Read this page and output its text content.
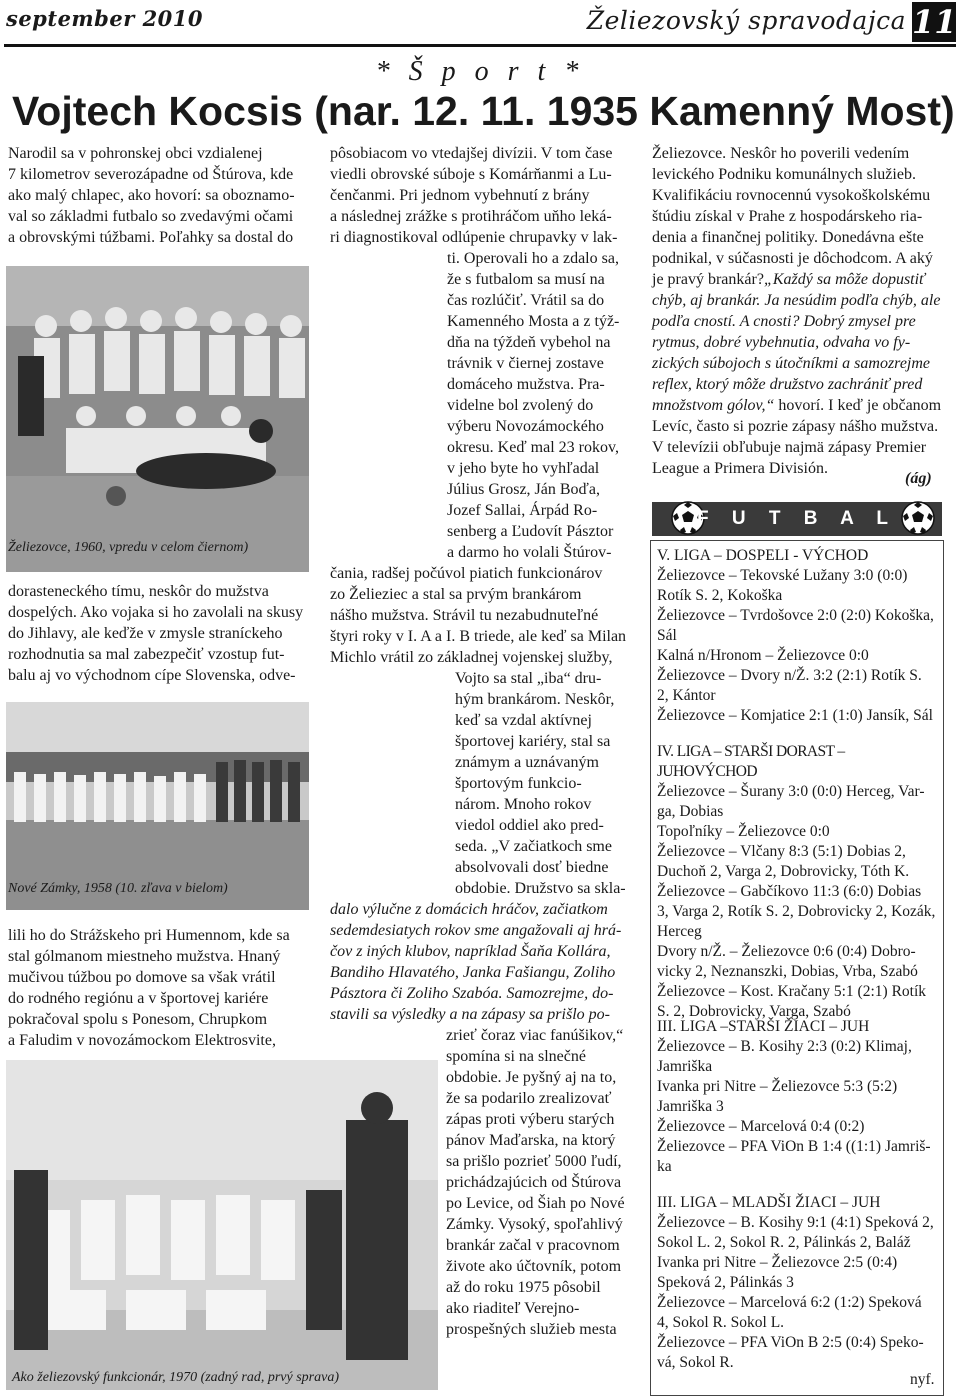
september 2010	Želiezovský spravodajca 11
* Š p o r t *
Vojtech Kocsis (nar. 12. 11. 1935 Kamenný Most)
Narodil sa v pohronskej obci vzdialenej
7 kilometrov severozápadne od Štúrova, kde
ako malý chlapec, ako hovorí: sa oboznamo-
val so základmi futbalo so zvedavými očami
a obrovskými túžbami. Poľahky sa dostal do
Želiezovce, 1960, vpredu v celom čiernom)
dorasteneckého tímu, neskôr do mužstva
dospelých. Ako vojaka si ho zavolali na skusy
do Jihlavy, ale keďže v zmysle straníckeho
rozhodnutia sa mal zabezpečiť vzostup fut-
balu aj vo východnom cípe Slovenska, odve-
Nové Zámky, 1958 (10. zľava v bielom)
lili ho do Strážskeho pri Humennom, kde sa
stal gólmanom miestneho mužstva. Hnaný
mučivou túžbou po domove sa však vrátil
do rodného regiónu a v športovej kariére
pokračoval spolu s Ponesom, Chrupkom
a Faludim v novozámockom Elektrosvite,
Ako želiezovský funkcionár, 1970 (zadný rad, prvý sprava)
pôsobiacom vo vtedajšej divízii. V tom čase
viedli obrovské súboje s Komárňanmi a Lu-
čenčanmi. Pri jednom vybehnutí z brány
a následnej zrážke s protihráčom uňho leká-
ri diagnostikoval odlúpenie chrupavky v lak-
ti. Operovali ho a zdalo sa,
že s futbalom sa musí na
čas rozlúčiť. Vrátil sa do
Kamenného Mosta a z týž-
dňa na týždeň vybehol na
trávnik v čiernej zostave
domáceho mužstva. Pra-
videlne bol zvolený do
výberu Novozámockého
okresu. Keď mal 23 rokov,
v jeho byte ho vyhľadal
Július Grosz, Ján Boďa,
Jozef Sallai, Árpád Ro-
senberg a Ľudovít Pásztor
a darmo ho volali Štúrov-
čania, radšej počúvol piatich funkcionárov
zo Želieziec a stal sa prvým brankárom
nášho mužstva. Strávil tu nezabudnuteľné
štyri roky v I. A a I. B triede, ale keď sa Milan
Michlo vrátil zo základnej vojenskej služby,
Vojto sa stal „iba“ dru-
hým brankárom. Neskôr,
keď sa vzdal aktívnej
športovej kariéry, stal sa
známym a uznávaným
športovým funkcio-
nárom. Mnoho rokov
viedol oddiel ako pred-
seda. „V začiatkoch sme
absolvovali dosť biedne
obdobie. Družstvo sa skla-
dalo výlučne z domácich hráčov, začiatkom
sedemdesiatych rokov sme angažovali aj hrá-
čov z iných klubov, napríklad Šaňa Kollára,
Bandiho Hlavatého, Janka Fašiangu, Zoliho
Pásztora či Zoliho Szabóa. Samozrejme, do-
stavili sa výsledky a na zápasy sa prišlo po-
zrieť čoraz viac fanúšikov,“
spomína si na slnečné
obdobie. Je pyšný aj na to,
že sa podarilo zrealizovať
zápas proti výberu starých
pánov Maďarska, na ktorý
sa prišlo pozrieť 5000 ľudí,
prichádzajúcich od Štúrova
po Levice, od Šiah po Nové
Zámky. Vysoký, spoľahlivý
brankár začal v pracovnom
živote ako účtovník, potom
až do roku 1975 pôsobil
ako riaditeľ Verejno-
prospešných služieb mesta
Želiezovce. Neskôr ho poverili vedením
levického Podniku komunálnych služieb.
Kvalifikáciu rovnocennú vysokoškolskému
štúdiu získal v Prahe z hospodárskeho ria-
denia a finančnej politiky. Donedávna ešte
podnikal, v súčasnosti je dôchodcom. A aký
je pravý brankár?„Každý sa môže dopustiť
chýb, aj brankár. Ja nesúdim podľa chýb, ale
podľa cností. A cnosti? Dobrý zmysel pre
rytmus, dobré vybehnutia, odvaha vo fy-
zických súbojoch s útočníkmi a samozrejme
reflex, ktorý môže družstvo zachrániť pred
množstvom gólov,“ hovorí. I keď je občanom
Levíc, často si pozrie zápasy nášho mužstva.
V televízii obľubuje najmä zápasy Premier
League a Primera División.
(ág)
F U T B A L
V. LIGA – DOSPELI - VÝCHOD
Želiezovce – Tekovské Lužany 3:0 (0:0)
Rotík S. 2, Kokoška
Želiezovce – Tvrdošovce 2:0 (2:0) Kokoška,
Sál
Kalná n/Hronom – Želiezovce 0:0
Želiezovce – Dvory n/Ž. 3:2 (2:1) Rotík S.
2, Kántor
Želiezovce – Komjatice 2:1 (1:0) Jansík, Sál
IV. LIGA – STARŠI DORAST – JUHOVÝCHOD
Želiezovce – Šurany 3:0 (0:0) Herceg, Var-
ga, Dobias
Topoľníky – Želiezovce 0:0
Želiezovce – Vlčany 8:3 (5:1) Dobias 2,
Duchoň 2, Varga 2, Dobrovicky, Tóth K.
Želiezovce – Gabčíkovo 11:3 (6:0) Dobias
3, Varga 2, Rotík S. 2, Dobrovicky 2, Kozák,
Herceg
Dvory n/Ž. – Želiezovce 0:6 (0:4) Dobro-
vicky 2, Neznanszki, Dobias, Vrba, Szabó
Želiezovce – Kost. Kračany 5:1 (2:1) Rotík
S. 2, Dobrovicky, Varga, Szabó
III. LIGA –STARŠI ŽIACI – JUH
Želiezovce – B. Kosihy 2:3 (0:2) Klimaj,
Jamriška
Ivanka pri Nitre – Želiezovce 5:3 (5:2)
Jamriška 3
Želiezovce – Marcelová 0:4 (0:2)
Želiezovce – PFA ViOn B 1:4 ((1:1) Jamriš-
ka
III. LIGA – MLADŠI ŽIACI – JUH
Želiezovce – B. Kosihy 9:1 (4:1) Speková 2,
Sokol L. 2, Sokol R. 2, Pálinkás 2, Baláž
Ivanka pri Nitre – Želiezovce 2:5 (0:4)
Speková 2, Pálinkás 3
Želiezovce – Marcelová 6:2 (1:2) Speková
4, Sokol R. Sokol L.
Želiezovce – PFA ViOn B 2:5 (0:4) Speko-
vá, Sokol R.
nyf.
